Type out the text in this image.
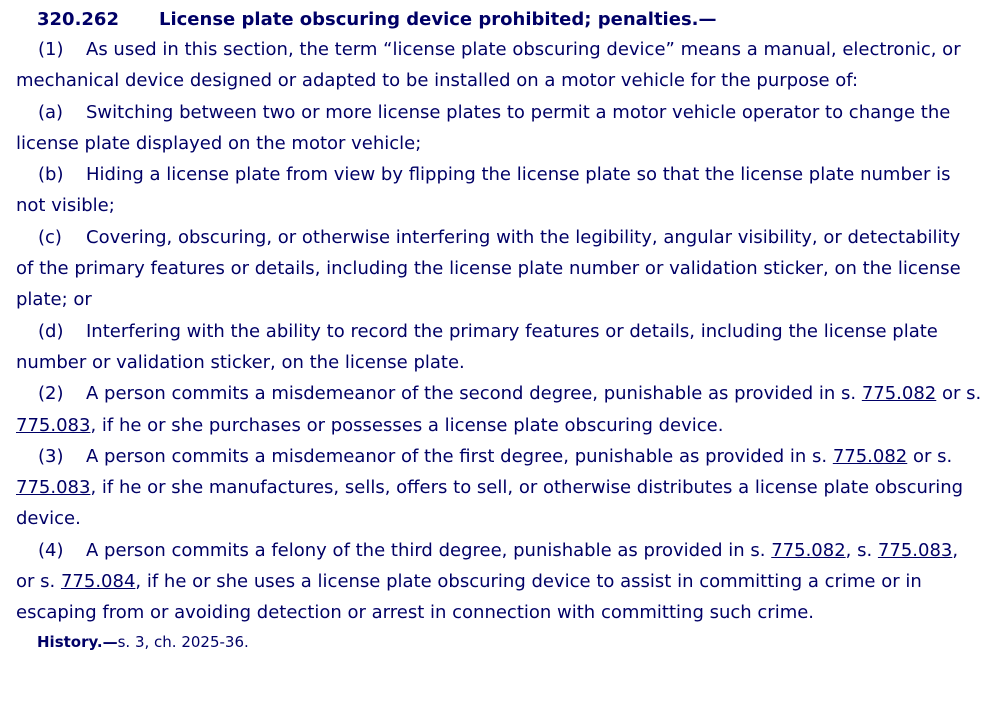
320.262 License plate obscuring device prohibited; penalties.—

(1) As used in this section, the term “license plate obscuring device” means a manual, electronic, or mechanical device designed or adapted to be installed on a motor vehicle for the purpose of:

(a) Switching between two or more license plates to permit a motor vehicle operator to change the license plate displayed on the motor vehicle;

(b) Hiding a license plate from view by flipping the license plate so that the license plate number is not visible;

(c) Covering, obscuring, or otherwise interfering with the legibility, angular visibility, or detectability of the primary features or details, including the license plate number or validation sticker, on the license plate; or

(d) Interfering with the ability to record the primary features or details, including the license plate number or validation sticker, on the license plate.

(2) A person commits a misdemeanor of the second degree, punishable as provided in s. 775.082 or s. 775.083, if he or she purchases or possesses a license plate obscuring device.

(3) A person commits a misdemeanor of the first degree, punishable as provided in s. 775.082 or s. 775.083, if he or she manufactures, sells, offers to sell, or otherwise distributes a license plate obscuring device.

(4) A person commits a felony of the third degree, punishable as provided in s. 775.082, s. 775.083, or s. 775.084, if he or she uses a license plate obscuring device to assist in committing a crime or in escaping from or avoiding detection or arrest in connection with committing such crime.

History.—s. 3, ch. 2025-36.
